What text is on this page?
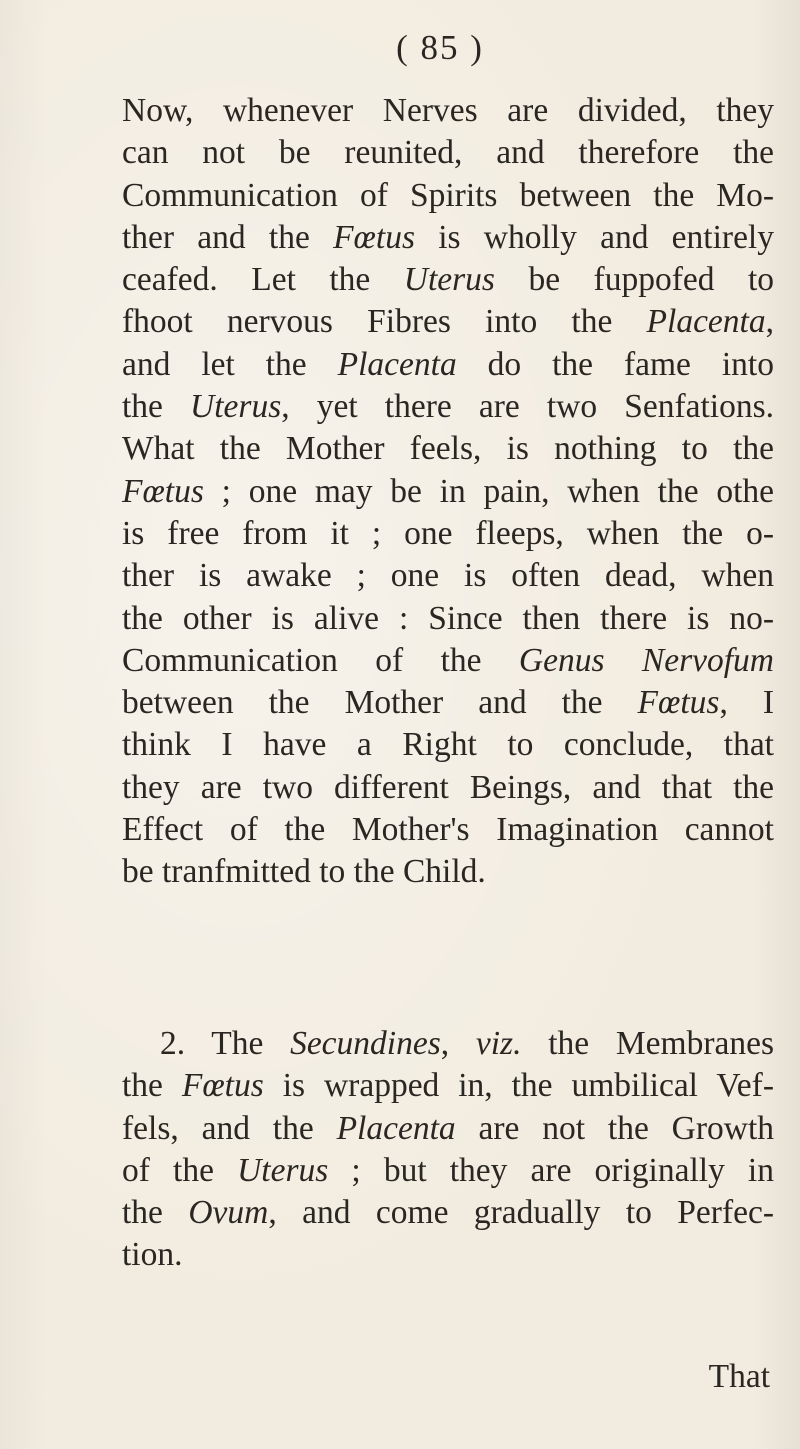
( 85 )
Now, whenever Nerves are divided, they
can not be reunited, and therefore the
Communication of Spirits between the Mo-
ther and the Fœtus is wholly and entirely
ceafed. Let the Uterus be fuppofed to
fhoot nervous Fibres into the Placenta,
and let the Placenta do the fame into
the Uterus, yet there are two Senfations.
What the Mother feels, is nothing to the
Fœtus ; one may be in pain, when the othe
is free from it ; one fleeps, when the o-
ther is awake ; one is often dead, when
the other is alive : Since then there is no-
Communication of the Genus Nervofum
between the Mother and the Fœtus, I
think I have a Right to conclude, that
they are two different Beings, and that the
Effect of the Mother's Imagination cannot
be tranfmitted to the Child.
2. The Secundines, viz. the Membranes
the Fœtus is wrapped in, the umbilical Vef-
fels, and the Placenta are not the Growth
of the Uterus ; but they are originally in
the Ovum, and come gradually to Perfec-
tion.
That
